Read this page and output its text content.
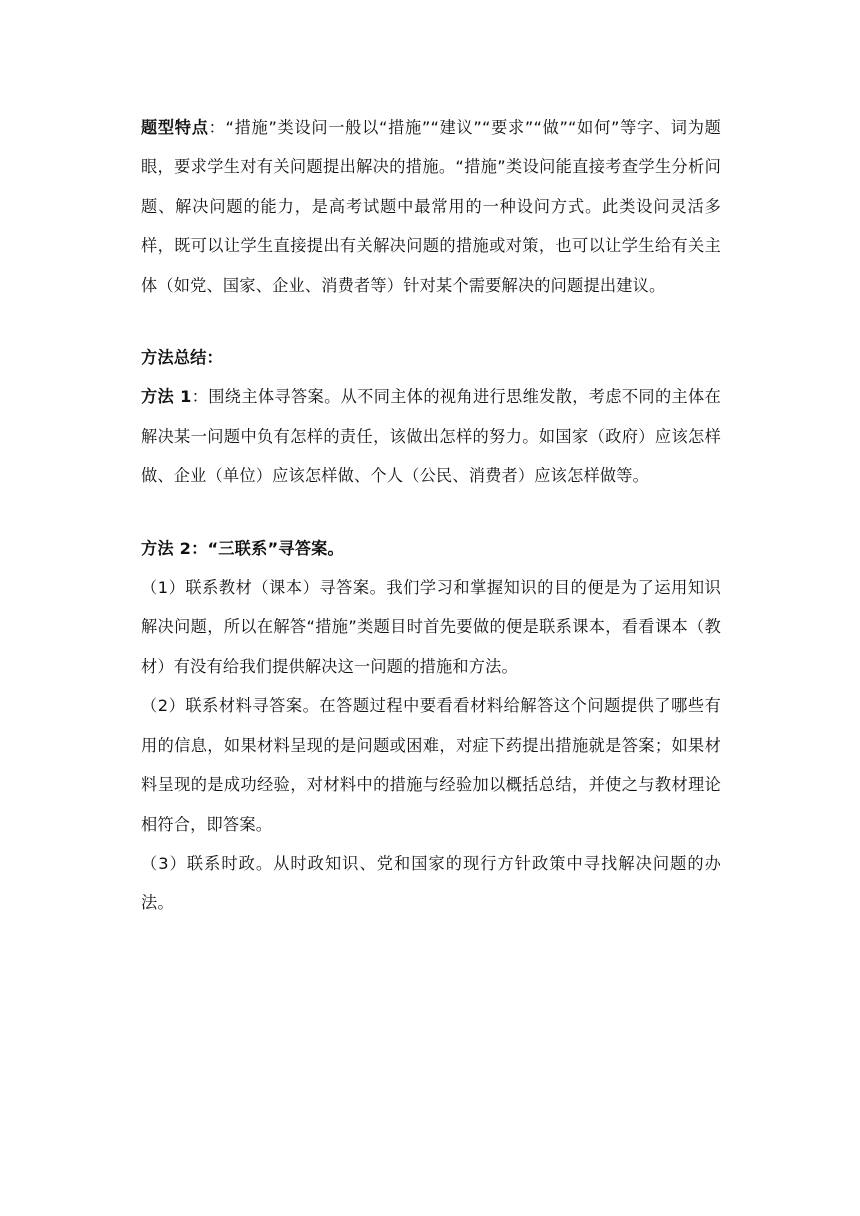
题型特点：“措施”类设问一般以“措施”“建议”“要求”“做”“如何”等字、词为题眼，要求学生对有关问题提出解决的措施。“措施”类设问能直接考查学生分析问题、解决问题的能力，是高考试题中最常用的一种设问方式。此类设问灵活多样，既可以让学生直接提出有关解决问题的措施或对策，也可以让学生给有关主体（如党、国家、企业、消费者等）针对某个需要解决的问题提出建议。

方法总结：

方法 1：围绕主体寻答案。从不同主体的视角进行思维发散，考虑不同的主体在解决某一问题中负有怎样的责任，该做出怎样的努力。如国家（政府）应该怎样做、企业（单位）应该怎样做、个人（公民、消费者）应该怎样做等。

方法 2：“三联系”寻答案。

（1）联系教材（课本）寻答案。我们学习和掌握知识的目的便是为了运用知识解决问题，所以在解答“措施”类题目时首先要做的便是联系课本，看看课本（教材）有没有给我们提供解决这一问题的措施和方法。

（2）联系材料寻答案。在答题过程中要看看材料给解答这个问题提供了哪些有用的信息，如果材料呈现的是问题或困难，对症下药提出措施就是答案；如果材料呈现的是成功经验，对材料中的措施与经验加以概括总结，并使之与教材理论相符合，即答案。

（3）联系时政。从时政知识、党和国家的现行方针政策中寻找解决问题的办法。
